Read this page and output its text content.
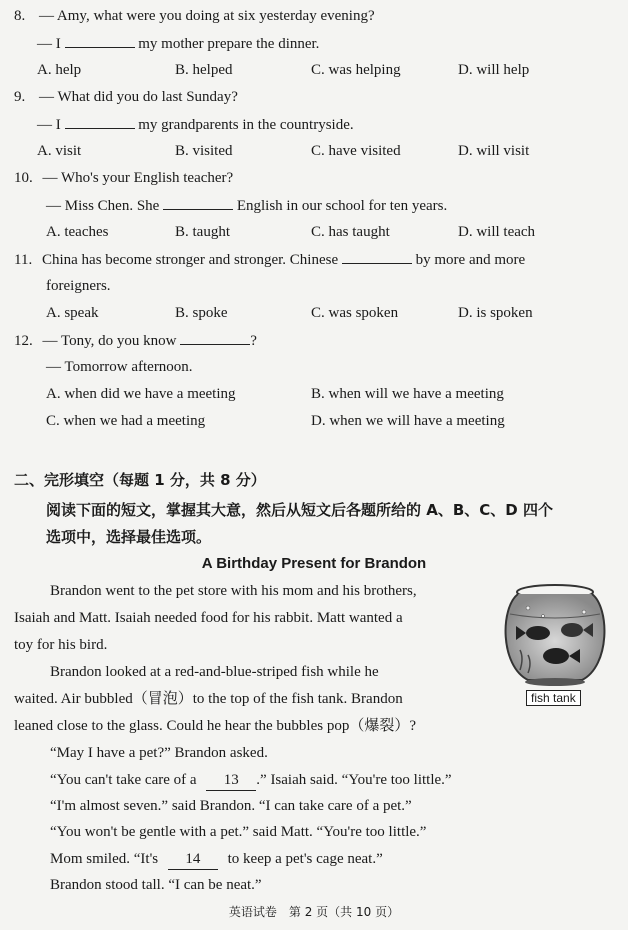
8. — Amy, what were you doing at six yesterday evening?
— I	my mother prepare the dinner.
A. help	B. helped	C. was helping	D. will help
9. — What did you do last Sunday?
— I	my grandparents in the countryside.
A. visit	B. visited	C. have visited	D. will visit
10. — Who's your English teacher?
— Miss Chen. She	English in our school for ten years.
A. teaches	B. taught	C. has taught	D. will teach
11. China has become stronger and stronger. Chinese	by more and more
foreigners.
A. speak	B. spoke	C. was spoken	D. is spoken
12. — Tony, do you know	?
— Tomorrow afternoon.
A. when did we have a meeting	B. when will we have a meeting
C. when we had a meeting	D. when we will have a meeting
二、完形填空（每题 1 分，共 8 分）
阅读下面的短文，掌握其大意，然后从短文后各题所给的 A、B、C、D 四个
选项中，选择最佳选项。
A Birthday Present for Brandon
fish tank
Brandon went to the pet store with his mom and his brothers,
Isaiah and Matt. Isaiah needed food for his rabbit. Matt wanted a
toy for his bird.
Brandon looked at a red-and-blue-striped fish while he
waited. Air bubbled（冒泡）to the top of the fish tank. Brandon
leaned close to the glass. Could he hear the bubbles pop（爆裂）?
“May I have a pet?” Brandon asked.
“You can't take care of a 13 .” Isaiah said. “You're too little.”
“I'm almost seven.” said Brandon. “I can take care of a pet.”
“You won't be gentle with a pet.” said Matt. “You're too little.”
Mom smiled. “It's 14 to keep a pet's cage neat.”
Brandon stood tall. “I can be neat.”
英语试卷　第 2 页（共 10 页）
